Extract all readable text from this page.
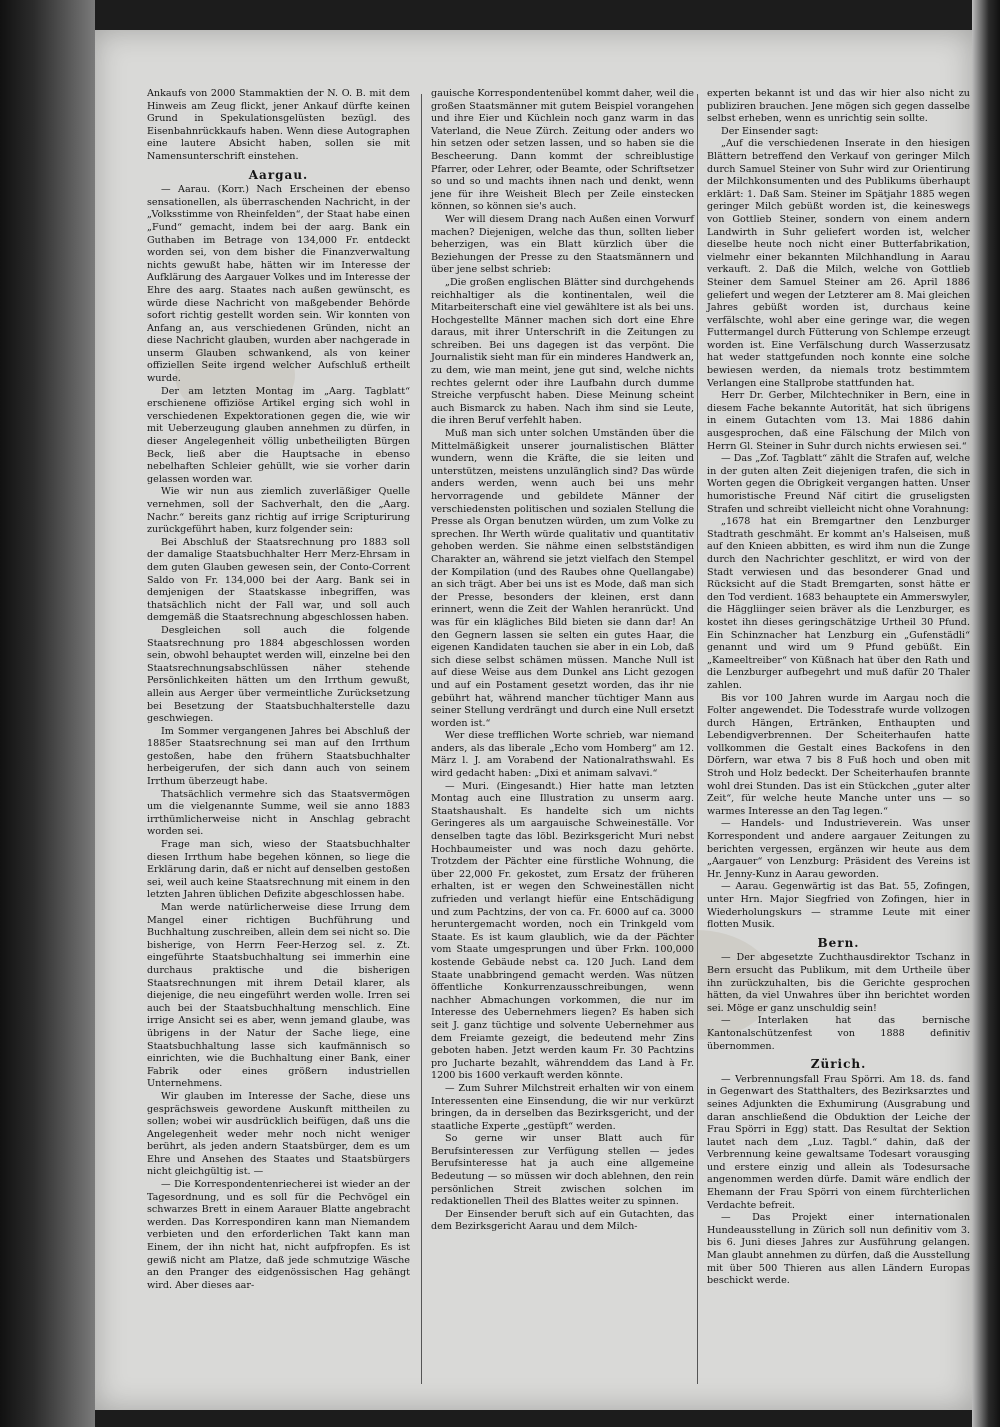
Ankaufs von 2000 Stammaktien der N. O. B. mit dem Hinweis am Zeug flickt, jener Ankauf dürfte keinen Grund in Spekulationsgelüsten bezügl. des Eisenbahnrückkaufs haben. Wenn diese Autographen eine lautere Absicht haben, sollen sie mit Namensunterschrift einstehen.

Aargau.

— Aarau. (Korr.) Nach Erscheinen der ebenso sensationellen, als überraschenden Nachricht, in der „Volksstimme von Rheinfelden“, der Staat habe einen „Fund“ gemacht, indem bei der aarg. Bank ein Guthaben im Betrage von 134,000 Fr. entdeckt worden sei, von dem bisher die Finanzverwaltung nichts gewußt habe, hätten wir im Interesse der Aufklärung des Aargauer Volkes und im Interesse der Ehre des aarg. Staates nach außen gewünscht, es würde diese Nachricht von maßgebender Behörde sofort richtig gestellt worden sein. Wir konnten von Anfang an, aus verschiedenen Gründen, nicht an diese Nachricht glauben, wurden aber nachgerade in unserm Glauben schwankend, als von keiner offiziellen Seite irgend welcher Aufschluß ertheilt wurde.

Der am letzten Montag im „Aarg. Tagblatt“ erschienene offiziöse Artikel erging sich wohl in verschiedenen Expektorationen gegen die, wie wir mit Ueberzeugung glauben annehmen zu dürfen, in dieser Angelegenheit völlig unbetheiligten Bürgen Beck, ließ aber die Hauptsache in ebenso nebelhaften Schleier gehüllt, wie sie vorher darin gelassen worden war.

Wie wir nun aus ziemlich zuverläßiger Quelle vernehmen, soll der Sachverhalt, den die „Aarg. Nachr.“ bereits ganz richtig auf irrige Scripturirung zurückgeführt haben, kurz folgender sein:

Bei Abschluß der Staatsrechnung pro 1883 soll der damalige Staatsbuchhalter Herr Merz-Ehrsam in dem guten Glauben gewesen sein, der Conto-Corrent Saldo von Fr. 134,000 bei der Aarg. Bank sei in demjenigen der Staatskasse inbegriffen, was thatsächlich nicht der Fall war, und soll auch demgemäß die Staatsrechnung abgeschlossen haben.

Desgleichen soll auch die folgende Staatsrechnung pro 1884 abgeschlossen worden sein, obwohl behauptet werden will, einzelne bei den Staatsrechnungsabschlüssen näher stehende Persönlichkeiten hätten um den Irrthum gewußt, allein aus Aerger über vermeintliche Zurücksetzung bei Besetzung der Staatsbuchhalterstelle dazu geschwiegen.

Im Sommer vergangenen Jahres bei Abschluß der 1885er Staatsrechnung sei man auf den Irrthum gestoßen, habe den frühern Staatsbuchhalter herbeigerufen, der sich dann auch von seinem Irrthum überzeugt habe.

Thatsächlich vermehre sich das Staatsvermögen um die vielgenannte Summe, weil sie anno 1883 irrthümlicherweise nicht in Anschlag gebracht worden sei.

Frage man sich, wieso der Staatsbuchhalter diesen Irrthum habe begehen können, so liege die Erklärung darin, daß er nicht auf denselben gestoßen sei, weil auch keine Staatsrechnung mit einem in den letzten Jahren üblichen Defizite abgeschlossen habe.

Man werde natürlicherweise diese Irrung dem Mangel einer richtigen Buchführung und Buchhaltung zuschreiben, allein dem sei nicht so. Die bisherige, von Herrn Feer-Herzog sel. z. Zt. eingeführte Staatsbuchhaltung sei immerhin eine durchaus praktische und die bisherigen Staatsrechnungen mit ihrem Detail klarer, als diejenige, die neu eingeführt werden wolle. Irren sei auch bei der Staatsbuchhaltung menschlich. Eine irrige Ansicht sei es aber, wenn jemand glaube, was übrigens in der Natur der Sache liege, eine Staatsbuchhaltung lasse sich kaufmännisch so einrichten, wie die Buchhaltung einer Bank, einer Fabrik oder eines größern industriellen Unternehmens.

Wir glauben im Interesse der Sache, diese uns gesprächsweis gewordene Auskunft mittheilen zu sollen; wobei wir ausdrücklich beifügen, daß uns die Angelegenheit weder mehr noch nicht weniger berührt, als jeden andern Staatsbürger, dem es um Ehre und Ansehen des Staates und Staatsbürgers nicht gleichgültig ist. —

— Die Korrespondentenriecherei ist wieder an der Tagesordnung, und es soll für die Pechvögel ein schwarzes Brett in einem Aarauer Blatte angebracht werden. Das Korrespondiren kann man Niemandem verbieten und den erforderlichen Takt kann man Einem, der ihn nicht hat, nicht aufpfropfen. Es ist gewiß nicht am Platze, daß jede schmutzige Wäsche an den Pranger des eidgenössischen Hag gehängt wird. Aber dieses aar-

gauische Korrespondentenübel kommt daher, weil die großen Staatsmänner mit gutem Beispiel vorangehen und ihre Eier und Küchlein noch ganz warm in das Vaterland, die Neue Zürch. Zeitung oder anders wo hin setzen oder setzen lassen, und so haben sie die Bescheerung. Dann kommt der schreiblustige Pfarrer, oder Lehrer, oder Beamte, oder Schriftsetzer so und so und machts ihnen nach und denkt, wenn jene für ihre Weisheit Blech per Zeile einstecken können, so können sie's auch.

Wer will diesem Drang nach Außen einen Vorwurf machen? Diejenigen, welche das thun, sollten lieber beherzigen, was ein Blatt kürzlich über die Beziehungen der Presse zu den Staatsmännern und über jene selbst schrieb:

„Die großen englischen Blätter sind durchgehends reichhaltiger als die kontinentalen, weil die Mitarbeiterschaft eine viel gewähltere ist als bei uns. Hochgestellte Männer machen sich dort eine Ehre daraus, mit ihrer Unterschrift in die Zeitungen zu schreiben. Bei uns dagegen ist das verpönt. Die Journalistik sieht man für ein minderes Handwerk an, zu dem, wie man meint, jene gut sind, welche nichts rechtes gelernt oder ihre Laufbahn durch dumme Streiche verpfuscht haben. Diese Meinung scheint auch Bismarck zu haben. Nach ihm sind sie Leute, die ihren Beruf verfehlt haben.

Muß man sich unter solchen Umständen über die Mittelmäßigkeit unserer journalistischen Blätter wundern, wenn die Kräfte, die sie leiten und unterstützen, meistens unzulänglich sind? Das würde anders werden, wenn auch bei uns mehr hervorragende und gebildete Männer der verschiedensten politischen und sozialen Stellung die Presse als Organ benutzen würden, um zum Volke zu sprechen. Ihr Werth würde qualitativ und quantitativ gehoben werden. Sie nähme einen selbstständigen Charakter an, während sie jetzt vielfach den Stempel der Kompilation (und des Raubes ohne Quellangabe) an sich trägt. Aber bei uns ist es Mode, daß man sich der Presse, besonders der kleinen, erst dann erinnert, wenn die Zeit der Wahlen heranrückt. Und was für ein klägliches Bild bieten sie dann dar! An den Gegnern lassen sie selten ein gutes Haar, die eigenen Kandidaten tauchen sie aber in ein Lob, daß sich diese selbst schämen müssen. Manche Null ist auf diese Weise aus dem Dunkel ans Licht gezogen und auf ein Postament gesetzt worden, das ihr nie gebührt hat, während mancher tüchtiger Mann aus seiner Stellung verdrängt und durch eine Null ersetzt worden ist.“

Wer diese trefflichen Worte schrieb, war niemand anders, als das liberale „Echo vom Homberg“ am 12. März l. J. am Vorabend der Nationalrathswahl. Es wird gedacht haben: „Dixi et animam salvavi.“

— Muri. (Eingesandt.) Hier hatte man letzten Montag auch eine Illustration zu unserm aarg. Staatshaushalt. Es handelte sich um nichts Geringeres als um aargauische Schweineställe. Vor denselben tagte das löbl. Bezirksgericht Muri nebst Hochbaumeister und was noch dazu gehörte. Trotzdem der Pächter eine fürstliche Wohnung, die über 22,000 Fr. gekostet, zum Ersatz der früheren erhalten, ist er wegen den Schweineställen nicht zufrieden und verlangt hiefür eine Entschädigung und zum Pachtzins, der von ca. Fr. 6000 auf ca. 3000 heruntergemacht worden, noch ein Trinkgeld vom Staate. Es ist kaum glaublich, wie da der Pächter vom Staate umgesprungen und über Frkn. 100,000 kostende Gebäude nebst ca. 120 Juch. Land dem Staate unabbringend gemacht werden. Was nützen öffentliche Konkurrenzausschreibungen, wenn nachher Abmachungen vorkommen, die nur im Interesse des Uebernehmers liegen? Es haben sich seit J. ganz tüchtige und solvente Uebernehmer aus dem Freiamte gezeigt, die bedeutend mehr Zins geboten haben. Jetzt werden kaum Fr. 30 Pachtzins pro Jucharte bezahlt, währenddem das Land à Fr. 1200 bis 1600 verkauft werden könnte.

— Zum Suhrer Milchstreit erhalten wir von einem Interessenten eine Einsendung, die wir nur verkürzt bringen, da in derselben das Bezirksgericht, und der staatliche Experte „gestüpft“ werden.

So gerne wir unser Blatt auch für Berufsinteressen zur Verfügung stellen — jedes Berufsinteresse hat ja auch eine allgemeine Bedeutung — so müssen wir doch ablehnen, den rein persönlichen Streit zwischen solchen im redaktionellen Theil des Blattes weiter zu spinnen.

Der Einsender beruft sich auf ein Gutachten, das dem Bezirksgericht Aarau und dem Milch-

experten bekannt ist und das wir hier also nicht zu publiziren brauchen. Jene mögen sich gegen dasselbe selbst erheben, wenn es unrichtig sein sollte.

Der Einsender sagt:

„Auf die verschiedenen Inserate in den hiesigen Blättern betreffend den Verkauf von geringer Milch durch Samuel Steiner von Suhr wird zur Orientirung der Milchkonsumenten und des Publikums überhaupt erklärt: 1. Daß Sam. Steiner im Spätjahr 1885 wegen geringer Milch gebüßt worden ist, die keineswegs von Gottlieb Steiner, sondern von einem andern Landwirth in Suhr geliefert worden ist, welcher dieselbe heute noch nicht einer Butterfabrikation, vielmehr einer bekannten Milchhandlung in Aarau verkauft. 2. Daß die Milch, welche von Gottlieb Steiner dem Samuel Steiner am 26. April 1886 geliefert und wegen der Letzterer am 8. Mai gleichen Jahres gebüßt worden ist, durchaus keine verfälschte, wohl aber eine geringe war, die wegen Futtermangel durch Fütterung von Schlempe erzeugt worden ist. Eine Verfälschung durch Wasserzusatz hat weder stattgefunden noch konnte eine solche bewiesen werden, da niemals trotz bestimmtem Verlangen eine Stallprobe stattfunden hat.

Herr Dr. Gerber, Milchtechniker in Bern, eine in diesem Fache bekannte Autorität, hat sich übrigens in einem Gutachten vom 13. Mai 1886 dahin ausgesprochen, daß eine Fälschung der Milch von Herrn Gl. Steiner in Suhr durch nichts erwiesen sei.“

— Das „Zof. Tagblatt“ zählt die Strafen auf, welche in der guten alten Zeit diejenigen trafen, die sich in Worten gegen die Obrigkeit vergangen hatten. Unser humoristische Freund Näf citirt die gruseligsten Strafen und schreibt vielleicht nicht ohne Vorahnung:

„1678 hat ein Bremgartner den Lenzburger Stadtrath geschmäht. Er kommt an's Halseisen, muß auf den Knieen abbitten, es wird ihm nun die Zunge durch den Nachrichter geschlitzt, er wird von der Stadt verwiesen und das besonderer Gnad und Rücksicht auf die Stadt Bremgarten, sonst hätte er den Tod verdient. 1683 behauptete ein Ammerswyler, die Häggliinger seien bräver als die Lenzburger, es kostet ihn dieses geringschätzige Urtheil 30 Pfund. Ein Schinznacher hat Lenzburg ein „Gufenstädli“ genannt und wird um 9 Pfund gebüßt. Ein „Kameeltreiber“ von Küßnach hat über den Rath und die Lenzburger aufbegehrt und muß dafür 20 Thaler zahlen.

Bis vor 100 Jahren wurde im Aargau noch die Folter angewendet. Die Todesstrafe wurde vollzogen durch Hängen, Ertränken, Enthaupten und Lebendigverbrennen. Der Scheiterhaufen hatte vollkommen die Gestalt eines Backofens in den Dörfern, war etwa 7 bis 8 Fuß hoch und oben mit Stroh und Holz bedeckt. Der Scheiterhaufen brannte wohl drei Stunden. Das ist ein Stückchen „guter alter Zeit“, für welche heute Manche unter uns — so warmes Interesse an den Tag legen.“

— Handels- und Industrieverein. Was unser Korrespondent und andere aargauer Zeitungen zu berichten vergessen, ergänzen wir heute aus dem „Aargauer“ von Lenzburg: Präsident des Vereins ist Hr. Jenny-Kunz in Aarau geworden.

— Aarau. Gegenwärtig ist das Bat. 55, Zofingen, unter Hrn. Major Siegfried von Zofingen, hier in Wiederholungskurs — stramme Leute mit einer flotten Musik.

Bern.

— Der abgesetzte Zuchthausdirektor Tschanz in Bern ersucht das Publikum, mit dem Urtheile über ihn zurückzuhalten, bis die Gerichte gesprochen hätten, da viel Unwahres über ihn berichtet worden sei. Möge er ganz unschuldig sein!

— Interlaken hat das bernische Kantonalschützenfest von 1888 definitiv übernommen.

Zürich.

— Verbrennungsfall Frau Spörri. Am 18. ds. fand in Gegenwart des Statthalters, des Bezirksarztes und seines Adjunkten die Exhumirung (Ausgrabung und daran anschließend die Obduktion der Leiche der Frau Spörri in Egg) statt. Das Resultat der Sektion lautet nach dem „Luz. Tagbl.“ dahin, daß der Verbrennung keine gewaltsame Todesart vorausging und erstere einzig und allein als Todesursache angenommen werden dürfe. Damit wäre endlich der Ehemann der Frau Spörri von einem fürchterlichen Verdachte befreit.

— Das Projekt einer internationalen Hundeausstellung in Zürich soll nun definitiv vom 3. bis 6. Juni dieses Jahres zur Ausführung gelangen. Man glaubt annehmen zu dürfen, daß die Ausstellung mit über 500 Thieren aus allen Ländern Europas beschickt werde.
